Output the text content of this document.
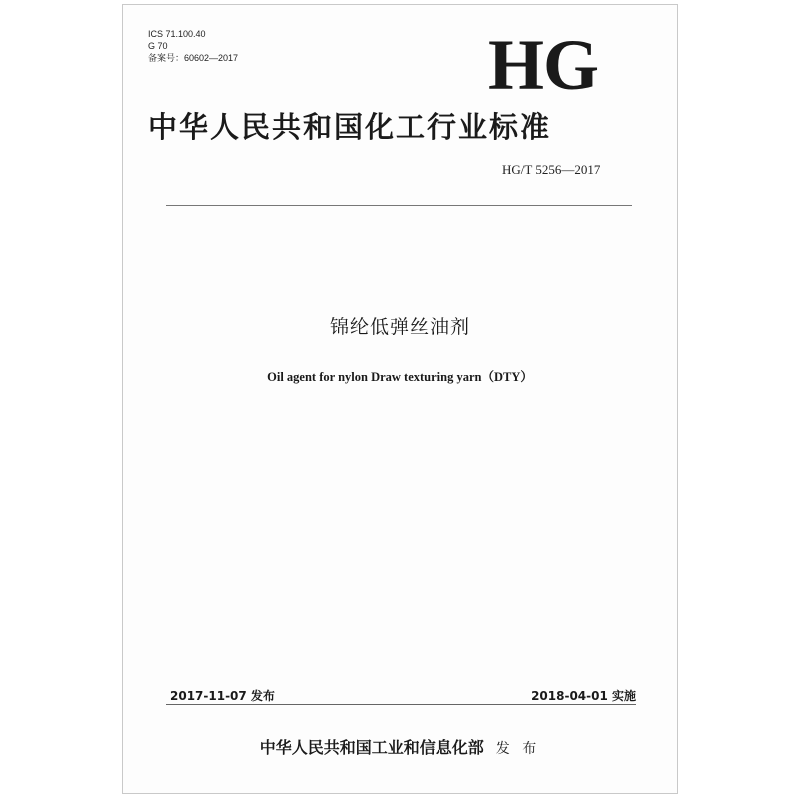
ICS 71.100.40
G 70
备案号：60602—2017	HG
中华人民共和国化工行业标准
HG/T 5256—2017
锦纶低弹丝油剂
Oil agent for nylon Draw texturing yarn（DTY）
2017-11-07 发布	2018-04-01 实施
中华人民共和国工业和信息化部 发 布
